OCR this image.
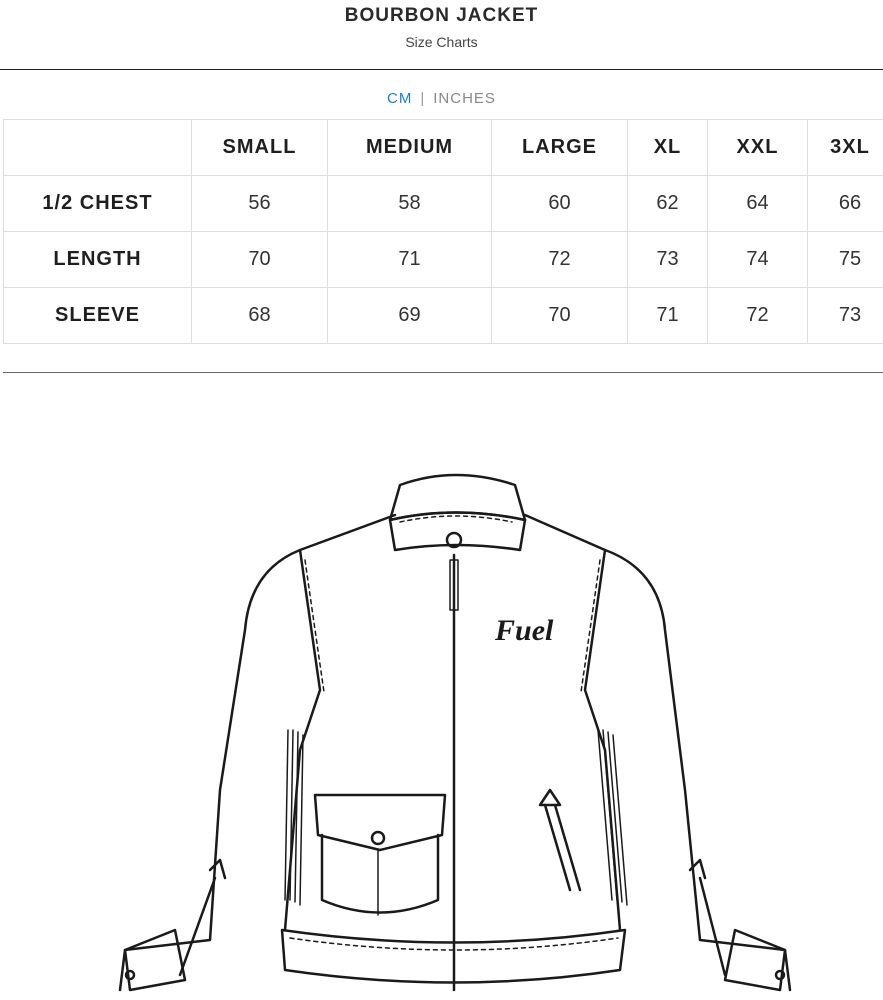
BOURBON JACKET
Size Charts
CM | INCHES
	SMALL	MEDIUM	LARGE	XL	XXL	3XL
1/2 CHEST	56	58	60	62	64	66
LENGTH	70	71	72	73	74	75
SLEEVE	68	69	70	71	72	73
Fuel
